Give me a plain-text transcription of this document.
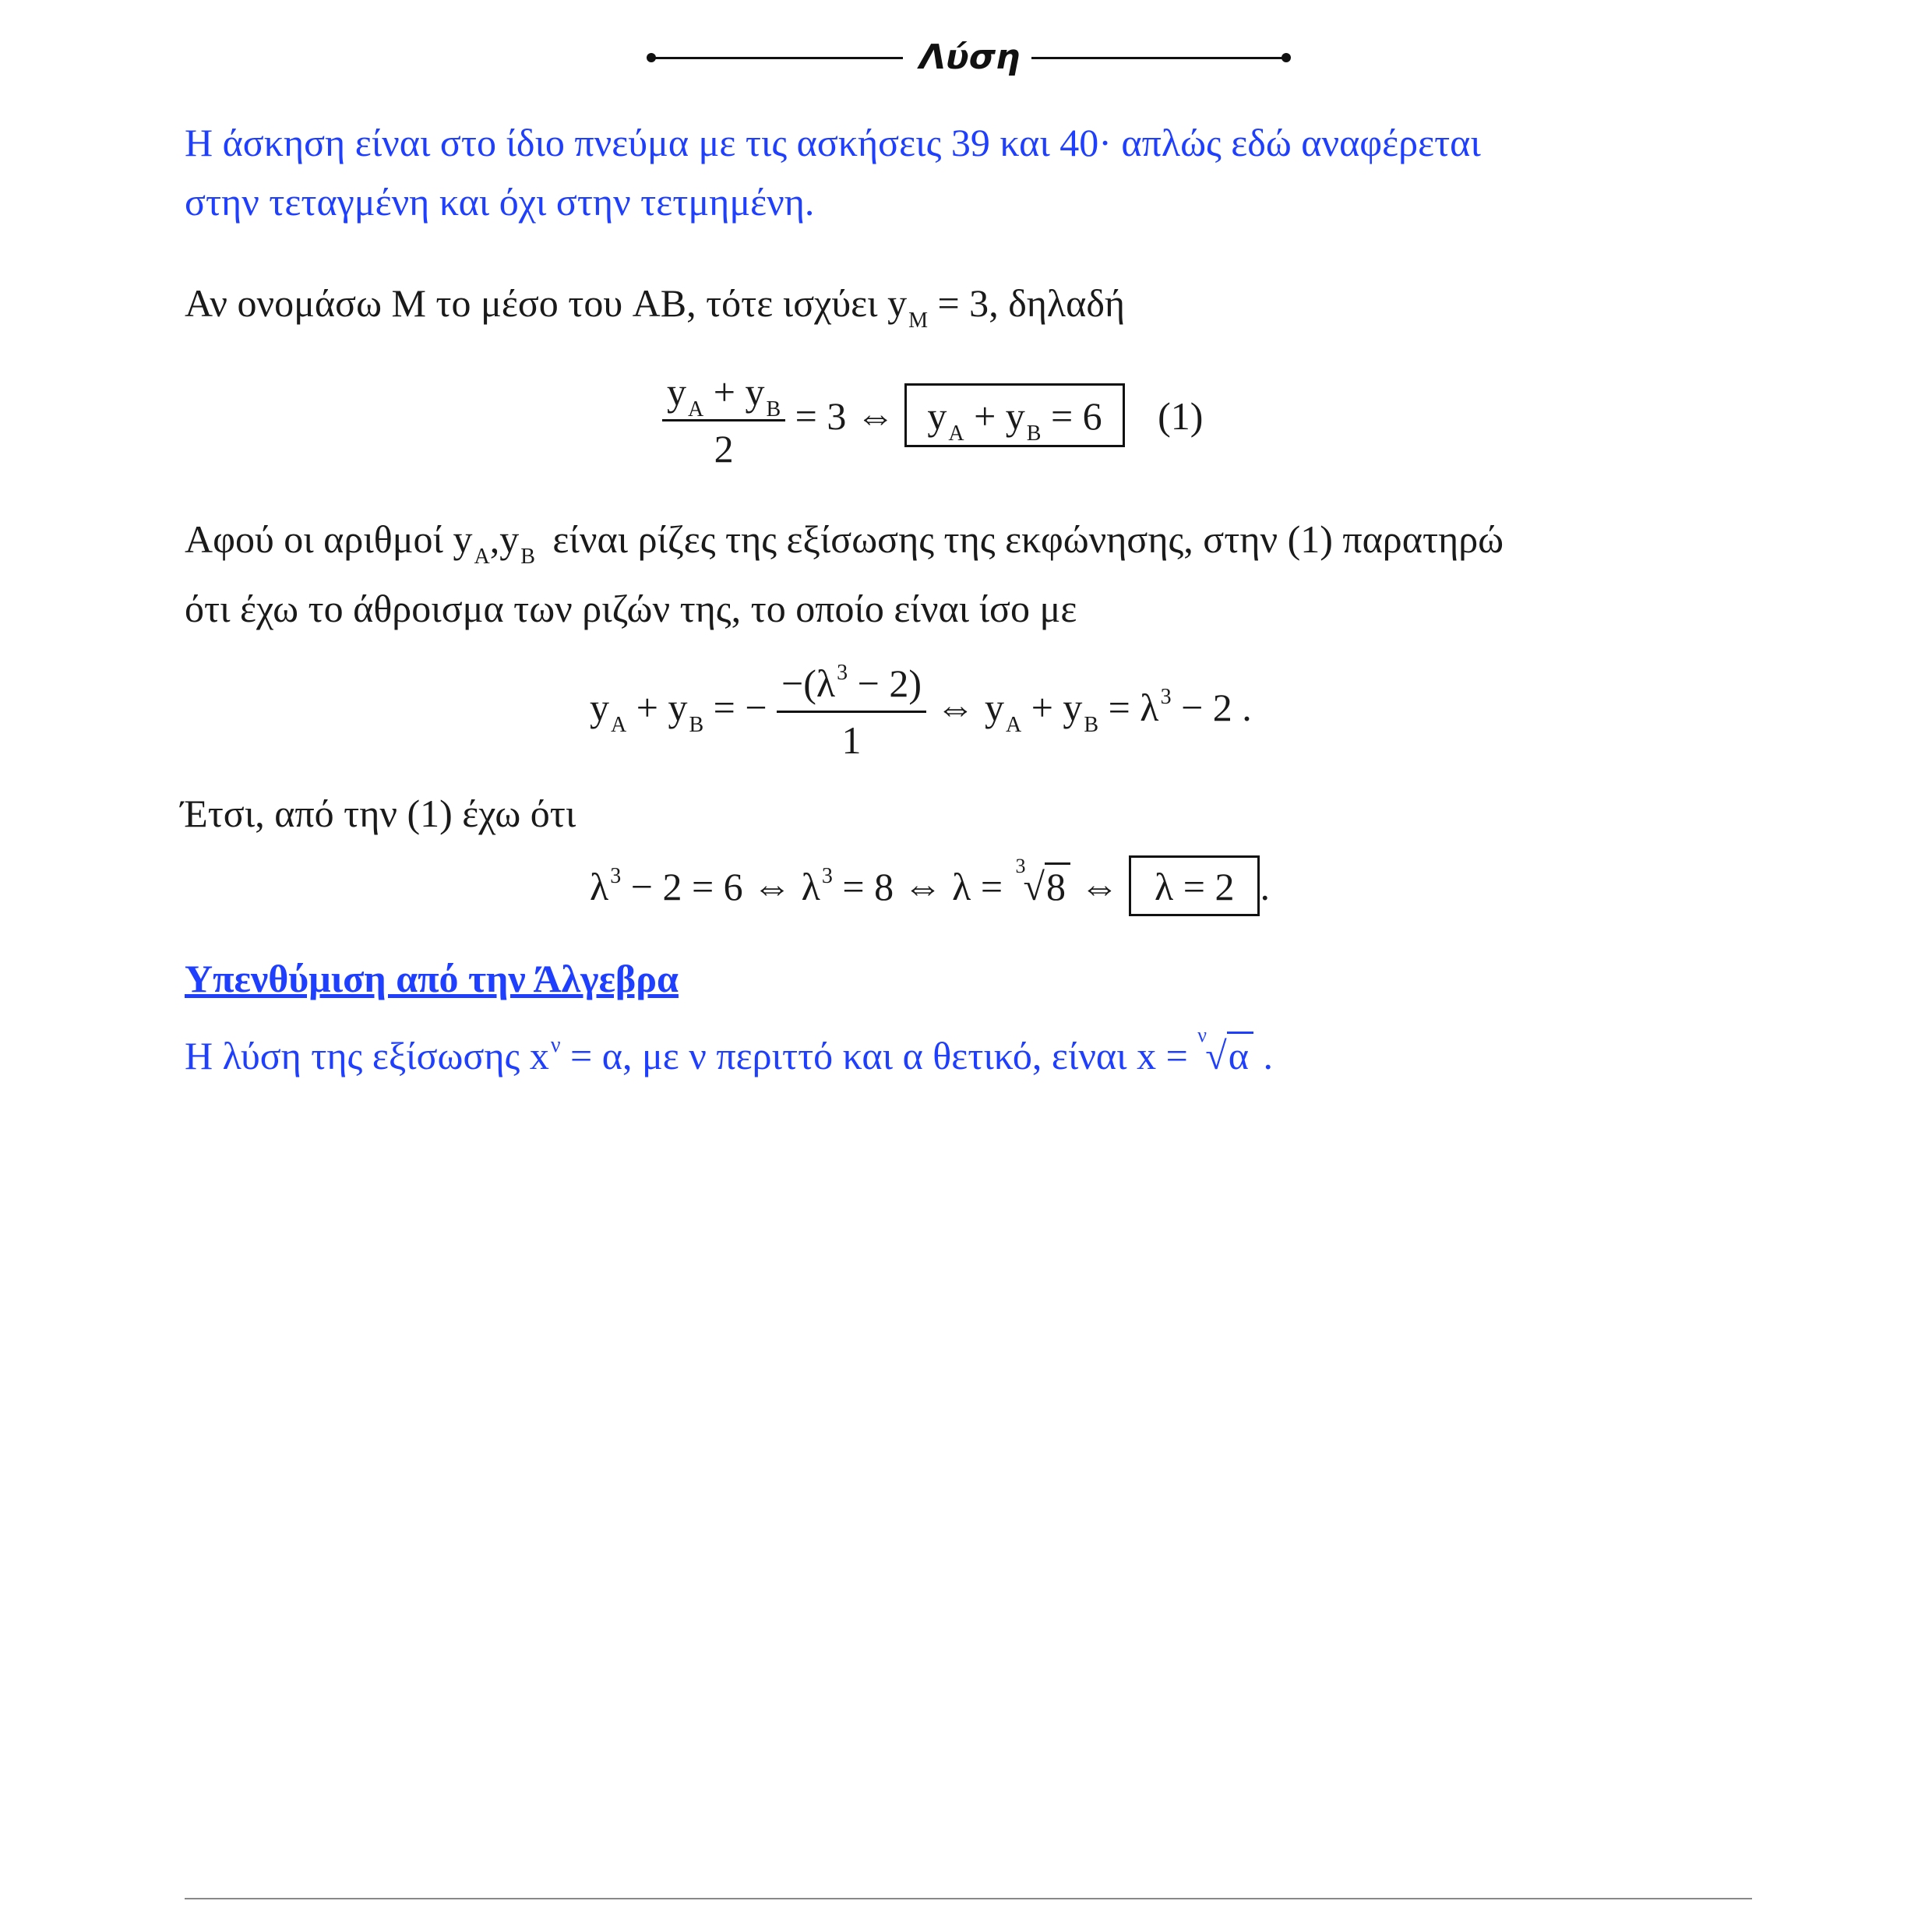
Λύση
Η άσκηση είναι στο ίδιο πνεύμα με τις ασκήσεις 39 και 40· απλώς εδώ αναφέρεται
στην τεταγμένη και όχι στην τετμημένη.
Αν ονομάσω M το μέσο του AB, τότε ισχύει $y_M = 3$, δηλαδή
$\frac{y_A + y_B}{2} = 3$ ⇔ $y_A + y_B = 6$ (1)
Αφού οι αριθμοί $y_A,y_B$ είναι ρίζες της εξίσωσης της εκφώνησης, στην (1) παρατηρώ
ότι έχω το άθροισμα των ριζών της, το οποίο είναι ίσο με
$y_A + y_B$ = − $\frac{-(\lambda^3 - 2)}{1}$ ⇔ $y_A + y_B = \lambda^3 - 2$ .
Έτσι, από την (1) έχω ότι
$\lambda^3 - 2 = 6$ ⇔ $\lambda^3 = 8$ ⇔ λ = 3
√8 ⇔ λ = 2 .
Υπενθύμιση από την Άλγεβρα
Η λύση της εξίσωσης $x^\nu = \alpha$, με ν περιττό και α θετικό, είναι x = ν
√α .
